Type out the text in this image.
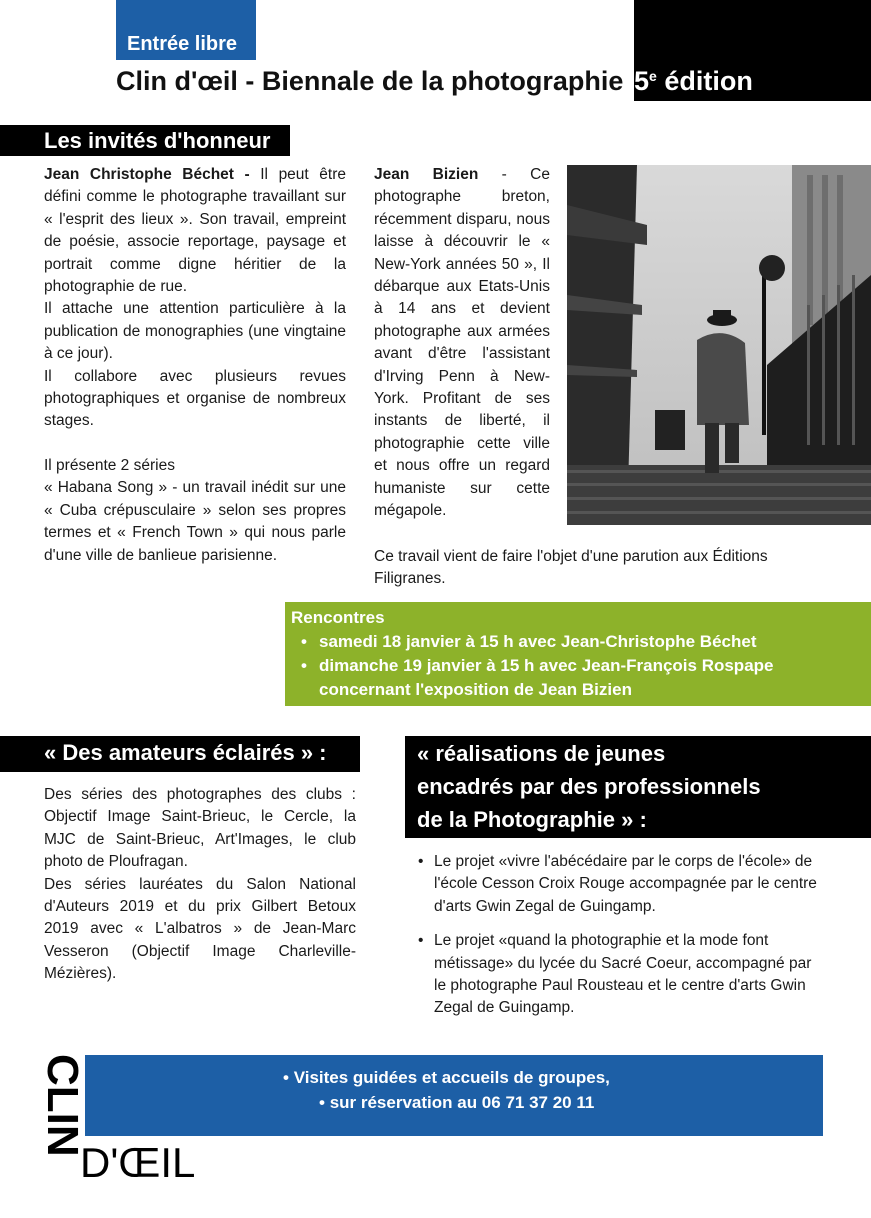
Entrée libre
Clin d'œil - Biennale de la photographie 5e édition
Les invités d'honneur

Jean Christophe Béchet - Il peut être défini comme le photographe travaillant sur « l'esprit des lieux ». Son travail, empreint de poésie, associe reportage, paysage et portrait comme digne héritier de la photographie de rue.

Il attache une attention particulière à la publication de monographies (une vingtaine à ce jour).

Il collabore avec plusieurs revues photographiques et organise de nombreux stages.

Il présente 2 séries

« Habana Song » - un travail inédit sur une « Cuba crépusculaire » selon ses propres termes et « French Town » qui nous parle d'une ville de banlieue parisienne.

Jean Bizien - Ce photographe breton, récemment disparu, nous laisse à découvrir le « New-York années 50 », Il débarque aux Etats-Unis à 14 ans et devient photographe aux armées avant d'être l'assistant d'Irving Penn à New-York. Profitant de ses instants de liberté, il photographie cette ville et nous offre un regard humaniste sur cette mégapole.

Ce travail vient de faire l'objet d'une parution aux Éditions Filigranes.
Rencontres
• samedi 18 janvier à 15 h avec Jean-Christophe Béchet
• dimanche 19 janvier à 15 h avec Jean-François Rospape
concernant l'exposition de Jean Bizien
« Des amateurs éclairés » :

Des séries des photographes des clubs : Objectif Image Saint-Brieuc, le Cercle, la MJC de Saint-Brieuc, Art'Images, le club photo de Ploufragan.

Des séries lauréates du Salon National d'Auteurs 2019 et du prix Gilbert Betoux 2019 avec « L'albatros » de Jean-Marc Vesseron (Objectif Image Charleville-Mézières).

« réalisations de jeunes
encadrés par des professionnels
de la Photographie » :
• Le projet «vivre l'abécédaire par le corps de l'école» de l'école Cesson Croix Rouge accompagnée par le centre d'arts Gwin Zegal de Guingamp.
• Le projet «quand la photographie et la mode font métissage» du lycée du Sacré Coeur, accompagné par le photographe Paul Rousteau et le centre d'arts Gwin Zegal de Guingamp.
• Visites guidées et accueils de groupes,
• sur réservation au 06 71 37 20 11
CLIN
D'ŒIL
